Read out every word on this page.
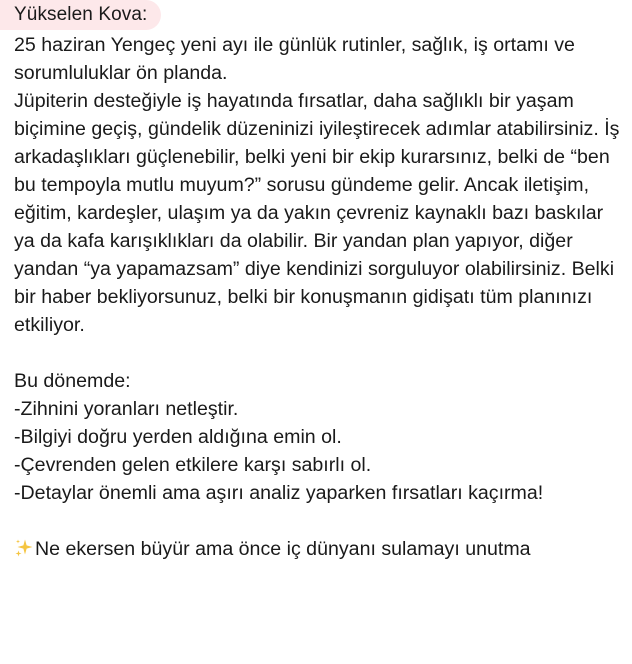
Yükselen Kova:

25 haziran Yengeç yeni ayı ile günlük rutinler, sağlık, iş ortamı ve sorumluluklar ön planda.

Jüpiterin desteğiyle iş hayatında fırsatlar, daha sağlıklı bir yaşam biçimine geçiş, gündelik düzeninizi iyileştirecek adımlar atabilirsiniz. İş arkadaşlıkları güçlenebilir, belki yeni bir ekip kurarsınız, belki de “ben bu tempoyla mutlu muyum?” sorusu gündeme gelir. Ancak iletişim, eğitim, kardeşler, ulaşım ya da yakın çevreniz kaynaklı bazı baskılar ya da kafa karışıklıkları da olabilir. Bir yandan plan yapıyor, diğer yandan “ya yapamazsam” diye kendinizi sorguluyor olabilirsiniz. Belki bir haber bekliyorsunuz, belki bir konuşmanın gidişatı tüm planınızı etkiliyor.

Bu dönemde:

-Zihnini yoranları netleştir.

-Bilgiyi doğru yerden aldığına emin ol.

-Çevrenden gelen etkilere karşı sabırlı ol.

-Detaylar önemli ama aşırı analiz yaparken fırsatları kaçırma!

Ne ekersen büyür ama önce iç dünyanı sulamayı unutma
